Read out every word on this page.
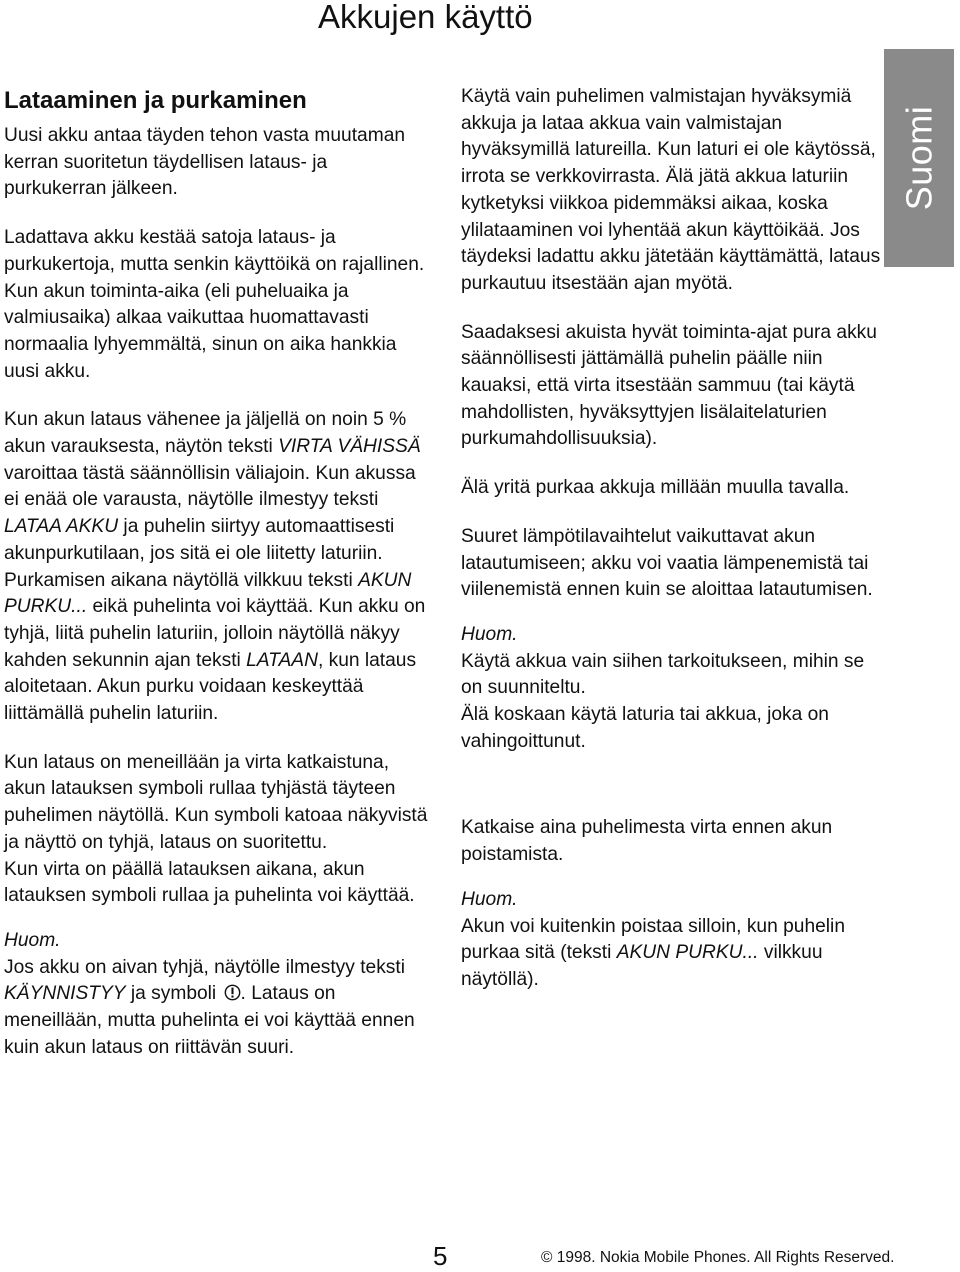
Akkujen käyttö
Suomi
Lataaminen ja purkaminen

Uusi akku antaa täyden tehon vasta muutaman kerran suoritetun täydellisen lataus- ja purkukerran jälkeen.

Ladattava akku kestää satoja lataus- ja purkukertoja, mutta senkin käyttöikä on rajallinen. Kun akun toiminta-aika (eli puheluaika ja valmiusaika) alkaa vaikuttaa huomattavasti normaalia lyhyemmältä, sinun on aika hankkia uusi akku.

Kun akun lataus vähenee ja jäljellä on noin 5 % akun varauksesta, näytön teksti VIRTA VÄHISSÄ varoittaa tästä säännöllisin väliajoin. Kun akussa ei enää ole varausta, näytölle ilmestyy teksti LATAA AKKU ja puhelin siirtyy automaattisesti akunpurkutilaan, jos sitä ei ole liitetty laturiin. Purkamisen aikana näytöllä vilkkuu teksti AKUN PURKU... eikä puhelinta voi käyttää. Kun akku on tyhjä, liitä puhelin laturiin, jolloin näytöllä näkyy kahden sekunnin ajan teksti LATAAN, kun lataus aloitetaan. Akun purku voidaan keskeyttää liittämällä puhelin laturiin.

Kun lataus on meneillään ja virta katkaistuna, akun latauksen symboli rullaa tyhjästä täyteen puhelimen näytöllä. Kun symboli katoaa näkyvistä ja näyttö on tyhjä, lataus on suoritettu.

Kun virta on päällä latauksen aikana, akun latauksen symboli rullaa ja puhelinta voi käyttää.

Huom.

Jos akku on aivan tyhjä, näytölle ilmestyy teksti KÄYNNISTYY ja symboli . Lataus on meneillään, mutta puhelinta ei voi käyttää ennen kuin akun lataus on riittävän suuri.

Käytä vain puhelimen valmistajan hyväksymiä akkuja ja lataa akkua vain valmistajan hyväksymillä latureilla. Kun laturi ei ole käytössä, irrota se verkkovirrasta. Älä jätä akkua laturiin kytketyksi viikkoa pidemmäksi aikaa, koska ylilataaminen voi lyhentää akun käyttöikää. Jos täydeksi ladattu akku jätetään käyttämättä, lataus purkautuu itsestään ajan myötä.

Saadaksesi akuista hyvät toiminta-ajat pura akku säännöllisesti jättämällä puhelin päälle niin kauaksi, että virta itsestään sammuu (tai käytä mahdollisten, hyväksyttyjen lisälaitelaturien purkumahdollisuuksia).

Älä yritä purkaa akkuja millään muulla tavalla.

Suuret lämpötilavaihtelut vaikuttavat akun latautumiseen; akku voi vaatia lämpenemistä tai viilenemistä ennen kuin se aloittaa latautumisen.

Huom.

Käytä akkua vain siihen tarkoitukseen, mihin se on suunniteltu.

Älä koskaan käytä laturia tai akkua, joka on vahingoittunut.

Katkaise aina puhelimesta virta ennen akun poistamista.

Huom.

Akun voi kuitenkin poistaa silloin, kun puhelin purkaa sitä (teksti AKUN PURKU... vilkkuu näytöllä).

5	© 1998. Nokia Mobile Phones. All Rights Reserved.
